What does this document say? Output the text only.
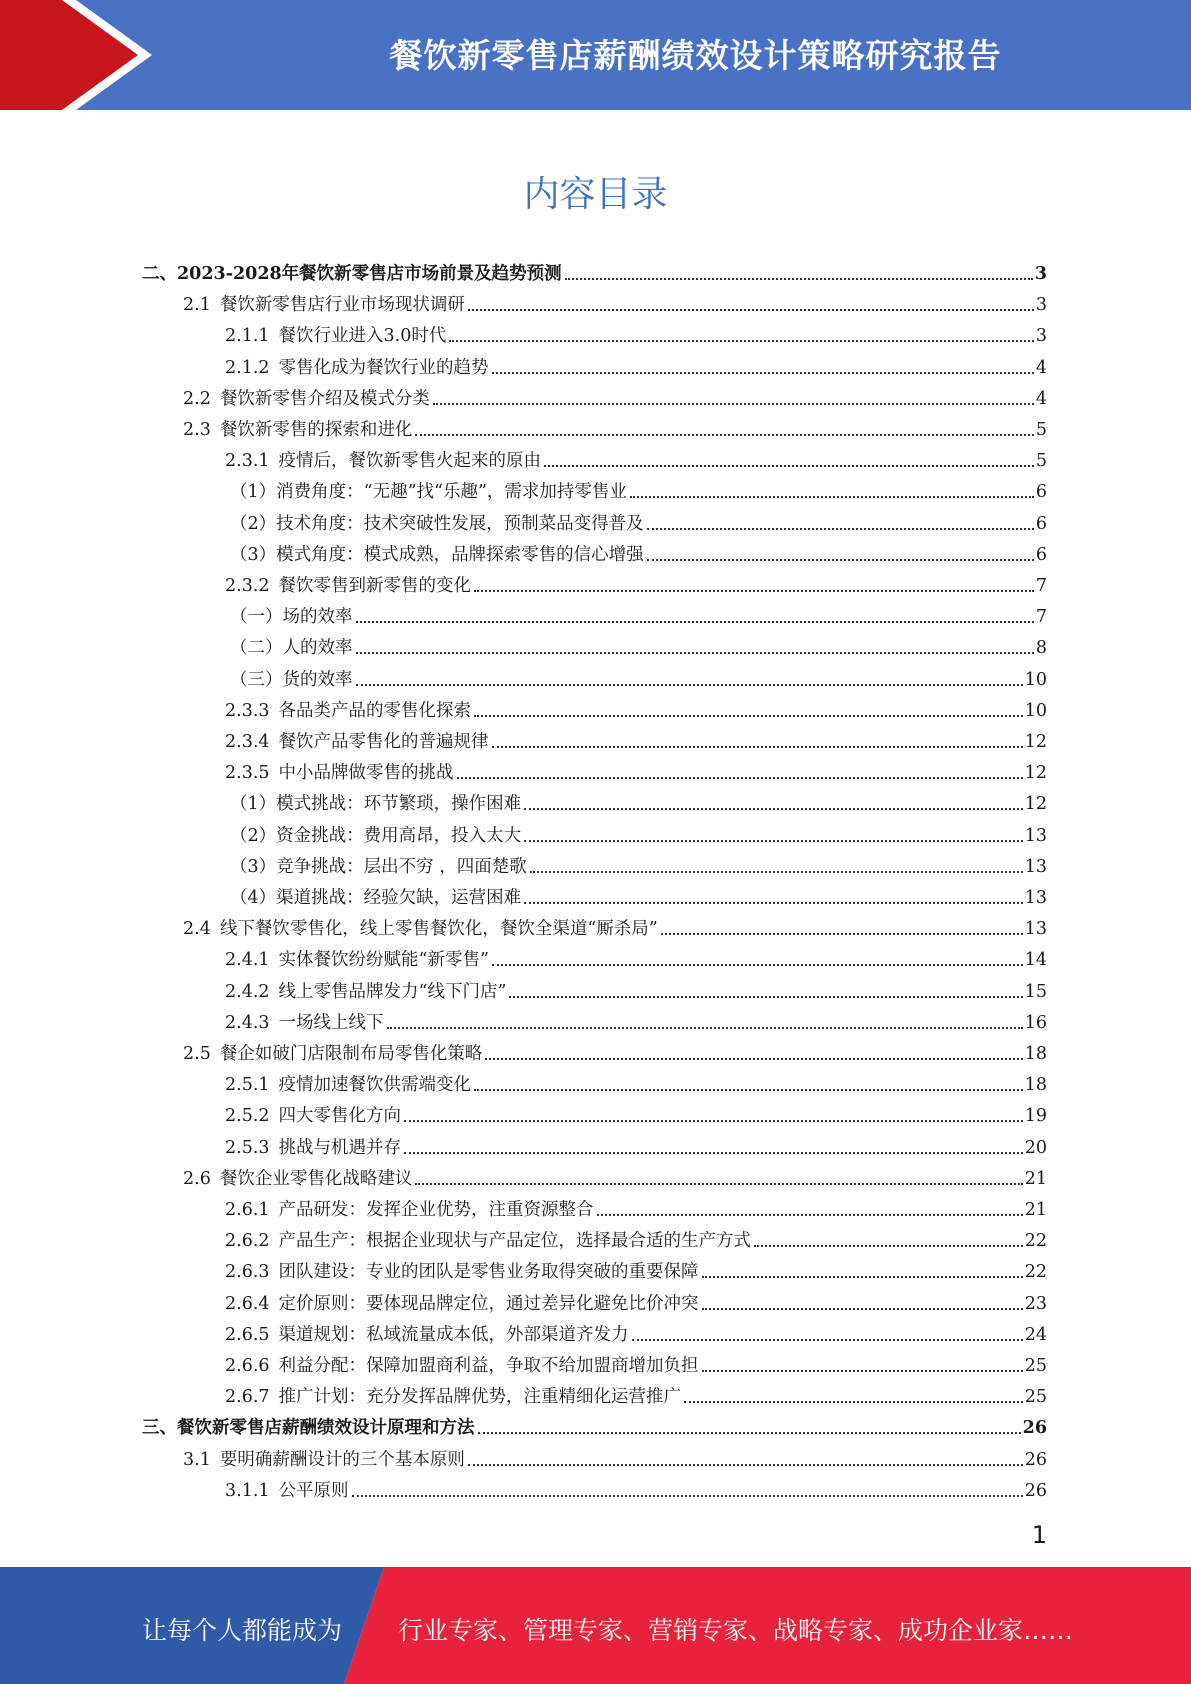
餐饮新零售店薪酬绩效设计策略研究报告
内容目录
二、2023-2028年餐饮新零售店市场前景及趋势预测	3
2.1 餐饮新零售店行业市场现状调研	3
2.1.1 餐饮行业进入3.0时代	3
2.1.2 零售化成为餐饮行业的趋势	4
2.2 餐饮新零售介绍及模式分类	4
2.3 餐饮新零售的探索和进化	5
2.3.1 疫情后，餐饮新零售火起来的原由	5
（1）消费角度：“无趣”找“乐趣”，需求加持零售业	6
（2）技术角度：技术突破性发展，预制菜品变得普及	6
（3）模式角度：模式成熟，品牌探索零售的信心增强	6
2.3.2 餐饮零售到新零售的变化	7
（一）场的效率	7
（二）人的效率	8
（三）货的效率	10
2.3.3 各品类产品的零售化探索	10
2.3.4 餐饮产品零售化的普遍规律	12
2.3.5 中小品牌做零售的挑战	12
（1）模式挑战：环节繁琐，操作困难	12
（2）资金挑战：费用高昂，投入太大	13
（3）竞争挑战：层出不穷 ，四面楚歌	13
（4）渠道挑战：经验欠缺，运营困难	13
2.4 线下餐饮零售化，线上零售餐饮化，餐饮全渠道“厮杀局”	13
2.4.1 实体餐饮纷纷赋能“新零售”	14
2.4.2 线上零售品牌发力“线下门店”	15
2.4.3 一场线上线下	16
2.5 餐企如破门店限制布局零售化策略	18
2.5.1 疫情加速餐饮供需端变化	18
2.5.2 四大零售化方向	19
2.5.3 挑战与机遇并存	20
2.6 餐饮企业零售化战略建议	21
2.6.1 产品研发：发挥企业优势，注重资源整合	21
2.6.2 产品生产：根据企业现状与产品定位，选择最合适的生产方式	22
2.6.3 团队建设：专业的团队是零售业务取得突破的重要保障	22
2.6.4 定价原则：要体现品牌定位，通过差异化避免比价冲突	23
2.6.5 渠道规划：私域流量成本低，外部渠道齐发力	24
2.6.6 利益分配：保障加盟商利益，争取不给加盟商增加负担	25
2.6.7 推广计划：充分发挥品牌优势，注重精细化运营推广	25
三、餐饮新零售店薪酬绩效设计原理和方法	26
3.1 要明确薪酬设计的三个基本原则	26
3.1.1 公平原则	26
1
让每个人都能成为 行业专家、管理专家、营销专家、战略专家、成功企业家……
